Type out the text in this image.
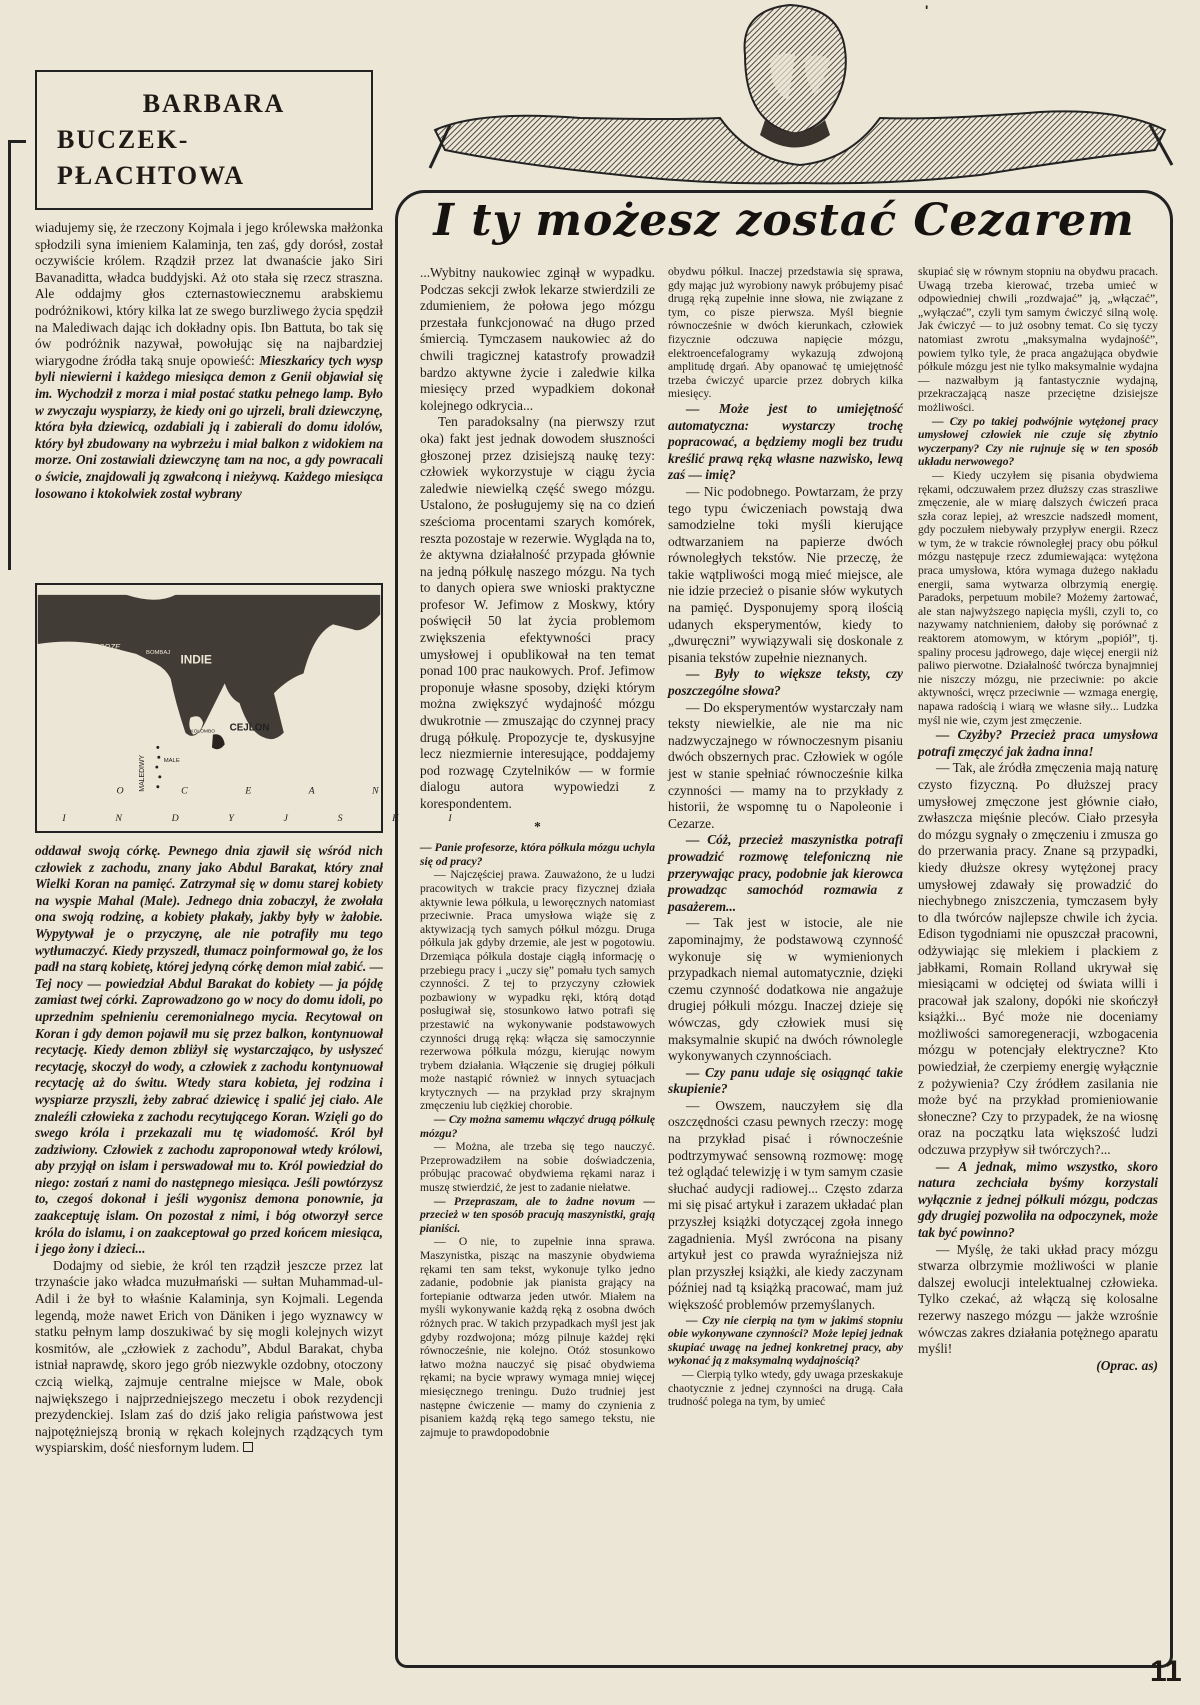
BARBARA
BUCZEK-PŁACHTOWA
'
I ty możesz zostać Cezarem

wiadujemy się, że rzeczony Kojmala i jego królewska małżonka spłodzili syna imieniem Kalaminja, ten zaś, gdy dorósł, został oczywiście królem. Rządził przez lat dwanaście jako Siri Bavanaditta, władca buddyjski. Aż oto stała się rzecz straszna. Ale oddajmy głos czternastowiecznemu arabskiemu podróżnikowi, który kilka lat ze swego burzliwego życia spędził na Malediwach dając ich dokładny opis. Ibn Battuta, bo tak się ów podróżnik nazywał, powołując się na najbardziej wiarygodne źródła taką snuje opowieść: Mieszkańcy tych wysp byli niewierni i każdego miesiąca demon z Genii objawiał się im. Wychodził z morza i miał postać statku pełnego lamp. Było w zwyczaju wyspiarzy, że kiedy oni go ujrzeli, brali dziewczynę, która była dziewicą, ozdabiali ją i zabierali do domu idolów, który był zbudowany na wybrzeżu i miał balkon z widokiem na morze. Oni zostawiali dziewczynę tam na noc, a gdy powracali o świcie, znajdowali ją zgwałconą i nieżywą. Każdego miesiąca losowano i ktokolwiek został wybrany

MORZE
ARABSKIE
INDIE
BOMBAJ
CEJLON
KOLOMBO
MALEDIWY	MALE
O C E A N
I N D Y J S K I

oddawał swoją córkę. Pewnego dnia zjawił się wśród nich człowiek z zachodu, znany jako Abdul Barakat, który znał Wielki Koran na pamięć. Zatrzymał się w domu starej kobiety na wyspie Mahal (Male). Jednego dnia zobaczył, że zwołała ona swoją rodzinę, a kobiety płakały, jakby były w żałobie. Wypytywał je o przyczynę, ale nie potrafiły mu tego wytłumaczyć. Kiedy przyszedł, tłumacz poinformował go, że los padł na starą kobietę, której jedyną córkę demon miał zabić. — Tej nocy — powiedział Abdul Barakat do kobiety — ja pójdę zamiast twej córki. Zaprowadzono go w nocy do domu idoli, po uprzednim spełnieniu ceremonialnego mycia. Recytował on Koran i gdy demon pojawił mu się przez balkon, kontynuował recytację. Kiedy demon zbliżył się wystarczająco, by usłyszeć recytację, skoczył do wody, a człowiek z zachodu kontynuował recytację aż do świtu. Wtedy stara kobieta, jej rodzina i wyspiarze przyszli, żeby zabrać dziewicę i spalić jej ciało. Ale znaleźli człowieka z zachodu recytującego Koran. Wzięli go do swego króla i przekazali mu tę wiadomość. Król był zadziwiony. Człowiek z zachodu zaproponował wtedy królowi, aby przyjął on islam i perswadował mu to. Król powiedział do niego: zostań z nami do następnego miesiąca. Jeśli powtórzysz to, czegoś dokonał i jeśli wygonisz demona ponownie, ja zaakceptuję islam. On pozostał z nimi, i bóg otworzył serce króla do islamu, i on zaakceptował go przed końcem miesiąca, i jego żony i dzieci...

Dodajmy od siebie, że król ten rządził jeszcze przez lat trzynaście jako władca muzułmański — sułtan Muhammad-ul-Adil i że był to właśnie Kalaminja, syn Kojmali. Legenda legendą, może nawet Erich von Däniken i jego wyznawcy w statku pełnym lamp doszukiwać by się mogli kolejnych wizyt kosmitów, ale „człowiek z zachodu”, Abdul Barakat, chyba istniał naprawdę, skoro jego grób niezwykle ozdobny, otoczony czcią wielką, zajmuje centralne miejsce w Male, obok największego i najprzedniejszego meczetu i obok rezydencji prezydenckiej. Islam zaś do dziś jako religia państwowa jest najpotężniejszą bronią w rękach kolejnych rządzących tym wyspiarskim, dość niesfornym ludem.

...Wybitny naukowiec zginął w wypadku. Podczas sekcji zwłok lekarze stwierdzili ze zdumieniem, że połowa jego mózgu przestała funkcjonować na długo przed śmiercią. Tymczasem naukowiec aż do chwili tragicznej katastrofy prowadził bardzo aktywne życie i zaledwie kilka miesięcy przed wypadkiem dokonał kolejnego odkrycia...

Ten paradoksalny (na pierwszy rzut oka) fakt jest jednak dowodem słuszności głoszonej przez dzisiejszą naukę tezy: człowiek wykorzystuje w ciągu życia zaledwie niewielką część swego mózgu. Ustalono, że posługujemy się na co dzień sześcioma procentami szarych komórek, reszta pozostaje w rezerwie. Wygląda na to, że aktywna działalność przypada głównie na jedną półkulę naszego mózgu. Na tych to danych opiera swe wnioski praktyczne profesor W. Jefimow z Moskwy, który poświęcił 50 lat życia problemom zwiększenia efektywności pracy umysłowej i opublikował na ten temat ponad 100 prac naukowych. Prof. Jefimow proponuje własne sposoby, dzięki którym można zwiększyć wydajność mózgu dwukrotnie — zmuszając do czynnej pracy drugą półkulę. Propozycje te, dyskusyjne lecz niezmiernie interesujące, poddajemy pod rozwagę Czytelników — w formie dialogu autora wypowiedzi z korespondentem.

*

— Panie profesorze, która półkula mózgu uchyla się od pracy?

— Najczęściej prawa. Zauważono, że u ludzi pracowitych w trakcie pracy fizycznej działa aktywnie lewa półkula, u leworęcznych natomiast przeciwnie. Praca umysłowa wiąże się z aktywizacją tych samych półkul mózgu. Druga półkula jak gdyby drzemie, ale jest w pogotowiu. Drzemiąca półkula dostaje ciągłą informację o przebiegu pracy i „uczy się” pomału tych samych czynności. Z tej to przyczyny człowiek pozbawiony w wypadku ręki, którą dotąd posługiwał się, stosunkowo łatwo potrafi się przestawić na wykonywanie podstawowych czynności drugą ręką: włącza się samoczynnie rezerwowa półkula mózgu, kierując nowym trybem działania. Włączenie się drugiej półkuli może nastąpić również w innych sytuacjach krytycznych — na przykład przy skrajnym zmęczeniu lub ciężkiej chorobie.

— Czy można samemu włączyć drugą półkulę mózgu?

— Można, ale trzeba się tego nauczyć. Przeprowadziłem na sobie doświadczenia, próbując pracować obydwiema rękami naraz i muszę stwierdzić, że jest to zadanie niełatwe.

— Przepraszam, ale to żadne novum — przecież w ten sposób pracują maszynistki, grają pianiści.

— O nie, to zupełnie inna sprawa. Maszynistka, pisząc na maszynie obydwiema rękami ten sam tekst, wykonuje tylko jedno zadanie, podobnie jak pianista grający na fortepianie odtwarza jeden utwór. Miałem na myśli wykonywanie każdą ręką z osobna dwóch różnych prac. W takich przypadkach myśl jest jak gdyby rozdwojona; mózg pilnuje każdej ręki równocześnie, nie kolejno. Otóż stosunkowo łatwo można nauczyć się pisać obydwiema rękami; na bycie wprawy wymaga mniej więcej miesięcznego treningu. Dużo trudniej jest następne ćwiczenie — mamy do czynienia z pisaniem każdą ręką tego samego tekstu, nie zajmuje to prawdopodobnie

obydwu półkul. Inaczej przedstawia się sprawa, gdy mając już wyrobiony nawyk próbujemy pisać drugą ręką zupełnie inne słowa, nie związane z tym, co pisze pierwsza. Myśl biegnie równocześnie w dwóch kierunkach, człowiek fizycznie odczuwa napięcie mózgu, elektroencefalogramy wykazują zdwojoną amplitudę drgań. Aby opanować tę umiejętność trzeba ćwiczyć uparcie przez dobrych kilka miesięcy.

— Może jest to umiejętność automatyczna: wystarczy trochę popracować, a będziemy mogli bez trudu kreślić prawą ręką własne nazwisko, lewą zaś — imię?

— Nic podobnego. Powtarzam, że przy tego typu ćwiczeniach powstają dwa samodzielne toki myśli kierujące odtwarzaniem na papierze dwóch równoległych tekstów. Nie przeczę, że takie wątpliwości mogą mieć miejsce, ale nie idzie przecież o pisanie słów wykutych na pamięć. Dysponujemy sporą ilością udanych eksperymentów, kiedy to „dwuręczni” wywiązywali się doskonale z pisania tekstów zupełnie nieznanych.

— Były to większe teksty, czy poszczególne słowa?

— Do eksperymentów wystarczały nam teksty niewielkie, ale nie ma nic nadzwyczajnego w równoczesnym pisaniu dwóch obszernych prac. Człowiek w ogóle jest w stanie spełniać równocześnie kilka czynności — mamy na to przykłady z historii, że wspomnę tu o Napoleonie i Cezarze.

— Cóż, przecież maszynistka potrafi prowadzić rozmowę telefoniczną nie przerywając pracy, podobnie jak kierowca prowadząc samochód rozmawia z pasażerem...

— Tak jest w istocie, ale nie zapominajmy, że podstawową czynność wykonuje się w wymienionych przypadkach niemal automatycznie, dzięki czemu czynność dodatkowa nie angażuje drugiej półkuli mózgu. Inaczej dzieje się wówczas, gdy człowiek musi się maksymalnie skupić na dwóch równolegle wykonywanych czynnościach.

— Czy panu udaje się osiągnąć takie skupienie?

— Owszem, nauczyłem się dla oszczędności czasu pewnych rzeczy: mogę na przykład pisać i równocześnie podtrzymywać sensowną rozmowę: mogę też oglądać telewizję i w tym samym czasie słuchać audycji radiowej... Często zdarza mi się pisać artykuł i zarazem układać plan przyszłej książki dotyczącej zgoła innego zagadnienia. Myśl zwrócona na pisany artykuł jest co prawda wyraźniejsza niż plan przyszłej książki, ale kiedy zaczynam później nad tą książką pracować, mam już większość problemów przemyślanych.

— Czy nie cierpią na tym w jakimś stopniu obie wykonywane czynności? Może lepiej jednak skupiać uwagę na jednej konkretnej pracy, aby wykonać ją z maksymalną wydajnością?

— Cierpią tylko wtedy, gdy uwaga przeskakuje chaotycznie z jednej czynności na drugą. Cała trudność polega na tym, by umieć

skupiać się w równym stopniu na obydwu pracach. Uwagą trzeba kierować, trzeba umieć w odpowiedniej chwili „rozdwajać” ją, „włączać”, „wyłączać”, czyli tym samym ćwiczyć silną wolę. Jak ćwiczyć — to już osobny temat. Co się tyczy natomiast zwrotu „maksymalna wydajność”, powiem tylko tyle, że praca angażująca obydwie półkule mózgu jest nie tylko maksymalnie wydajna — nazwałbym ją fantastycznie wydajną, przekraczającą nasze przeciętne dzisiejsze możliwości.

— Czy po takiej podwójnie wytężonej pracy umysłowej człowiek nie czuje się zbytnio wyczerpany? Czy nie rujnuje się w ten sposób układu nerwowego?

— Kiedy uczyłem się pisania obydwiema rękami, odczuwałem przez dłuższy czas straszliwe zmęczenie, ale w miarę dalszych ćwiczeń praca szła coraz lepiej, aż wreszcie nadszedł moment, gdy poczułem niebywały przypływ energii. Rzecz w tym, że w trakcie równoległej pracy obu półkul mózgu następuje rzecz zdumiewająca: wytężona praca umysłowa, która wymaga dużego nakładu energii, sama wytwarza olbrzymią energię. Paradoks, perpetuum mobile? Możemy żartować, ale stan najwyższego napięcia myśli, czyli to, co nazywamy natchnieniem, dałoby się porównać z reaktorem atomowym, w którym „popiół”, tj. spaliny procesu jądrowego, daje więcej energii niż paliwo pierwotne. Działalność twórcza bynajmniej nie niszczy mózgu, nie przeciwnie: po akcie aktywności, wręcz przeciwnie — wzmaga energię, napawa radością i wiarą we własne siły... Ludzka myśl nie wie, czym jest zmęczenie.

— Czyżby? Przecież praca umysłowa potrafi zmęczyć jak żadna inna!

— Tak, ale źródła zmęczenia mają naturę czysto fizyczną. Po dłuższej pracy umysłowej zmęczone jest głównie ciało, zwłaszcza mięśnie pleców. Ciało przesyła do mózgu sygnały o zmęczeniu i zmusza go do przerwania pracy. Znane są przypadki, kiedy dłuższe okresy wytężonej pracy umysłowej zdawały się prowadzić do niechybnego zniszczenia, tymczasem były to dla twórców najlepsze chwile ich życia. Edison tygodniami nie opuszczał pracowni, odżywiając się mlekiem i plackiem z jabłkami, Romain Rolland ukrywał się miesiącami w odciętej od świata willi i pracował jak szalony, dopóki nie skończył książki... Być może nie doceniamy możliwości samoregeneracji, wzbogacenia mózgu w potencjały elektryczne? Kto powiedział, że czerpiemy energię wyłącznie z pożywienia? Czy źródłem zasilania nie może być na przykład promieniowanie słoneczne? Czy to przypadek, że na wiosnę oraz na początku lata większość ludzi odczuwa przypływ sił twórczych?...

— A jednak, mimo wszystko, skoro natura zechciała byśmy korzystali wyłącznie z jednej półkuli mózgu, podczas gdy drugiej pozwoliła na odpoczynek, może tak być powinno?

— Myślę, że taki układ pracy mózgu stwarza olbrzymie możliwości w planie dalszej ewolucji intelektualnej człowieka. Tylko czekać, aż włączą się kolosalne rezerwy naszego mózgu — jakże wzrośnie wówczas zakres działania potężnego aparatu myśli!

(Oprac. as)

11
